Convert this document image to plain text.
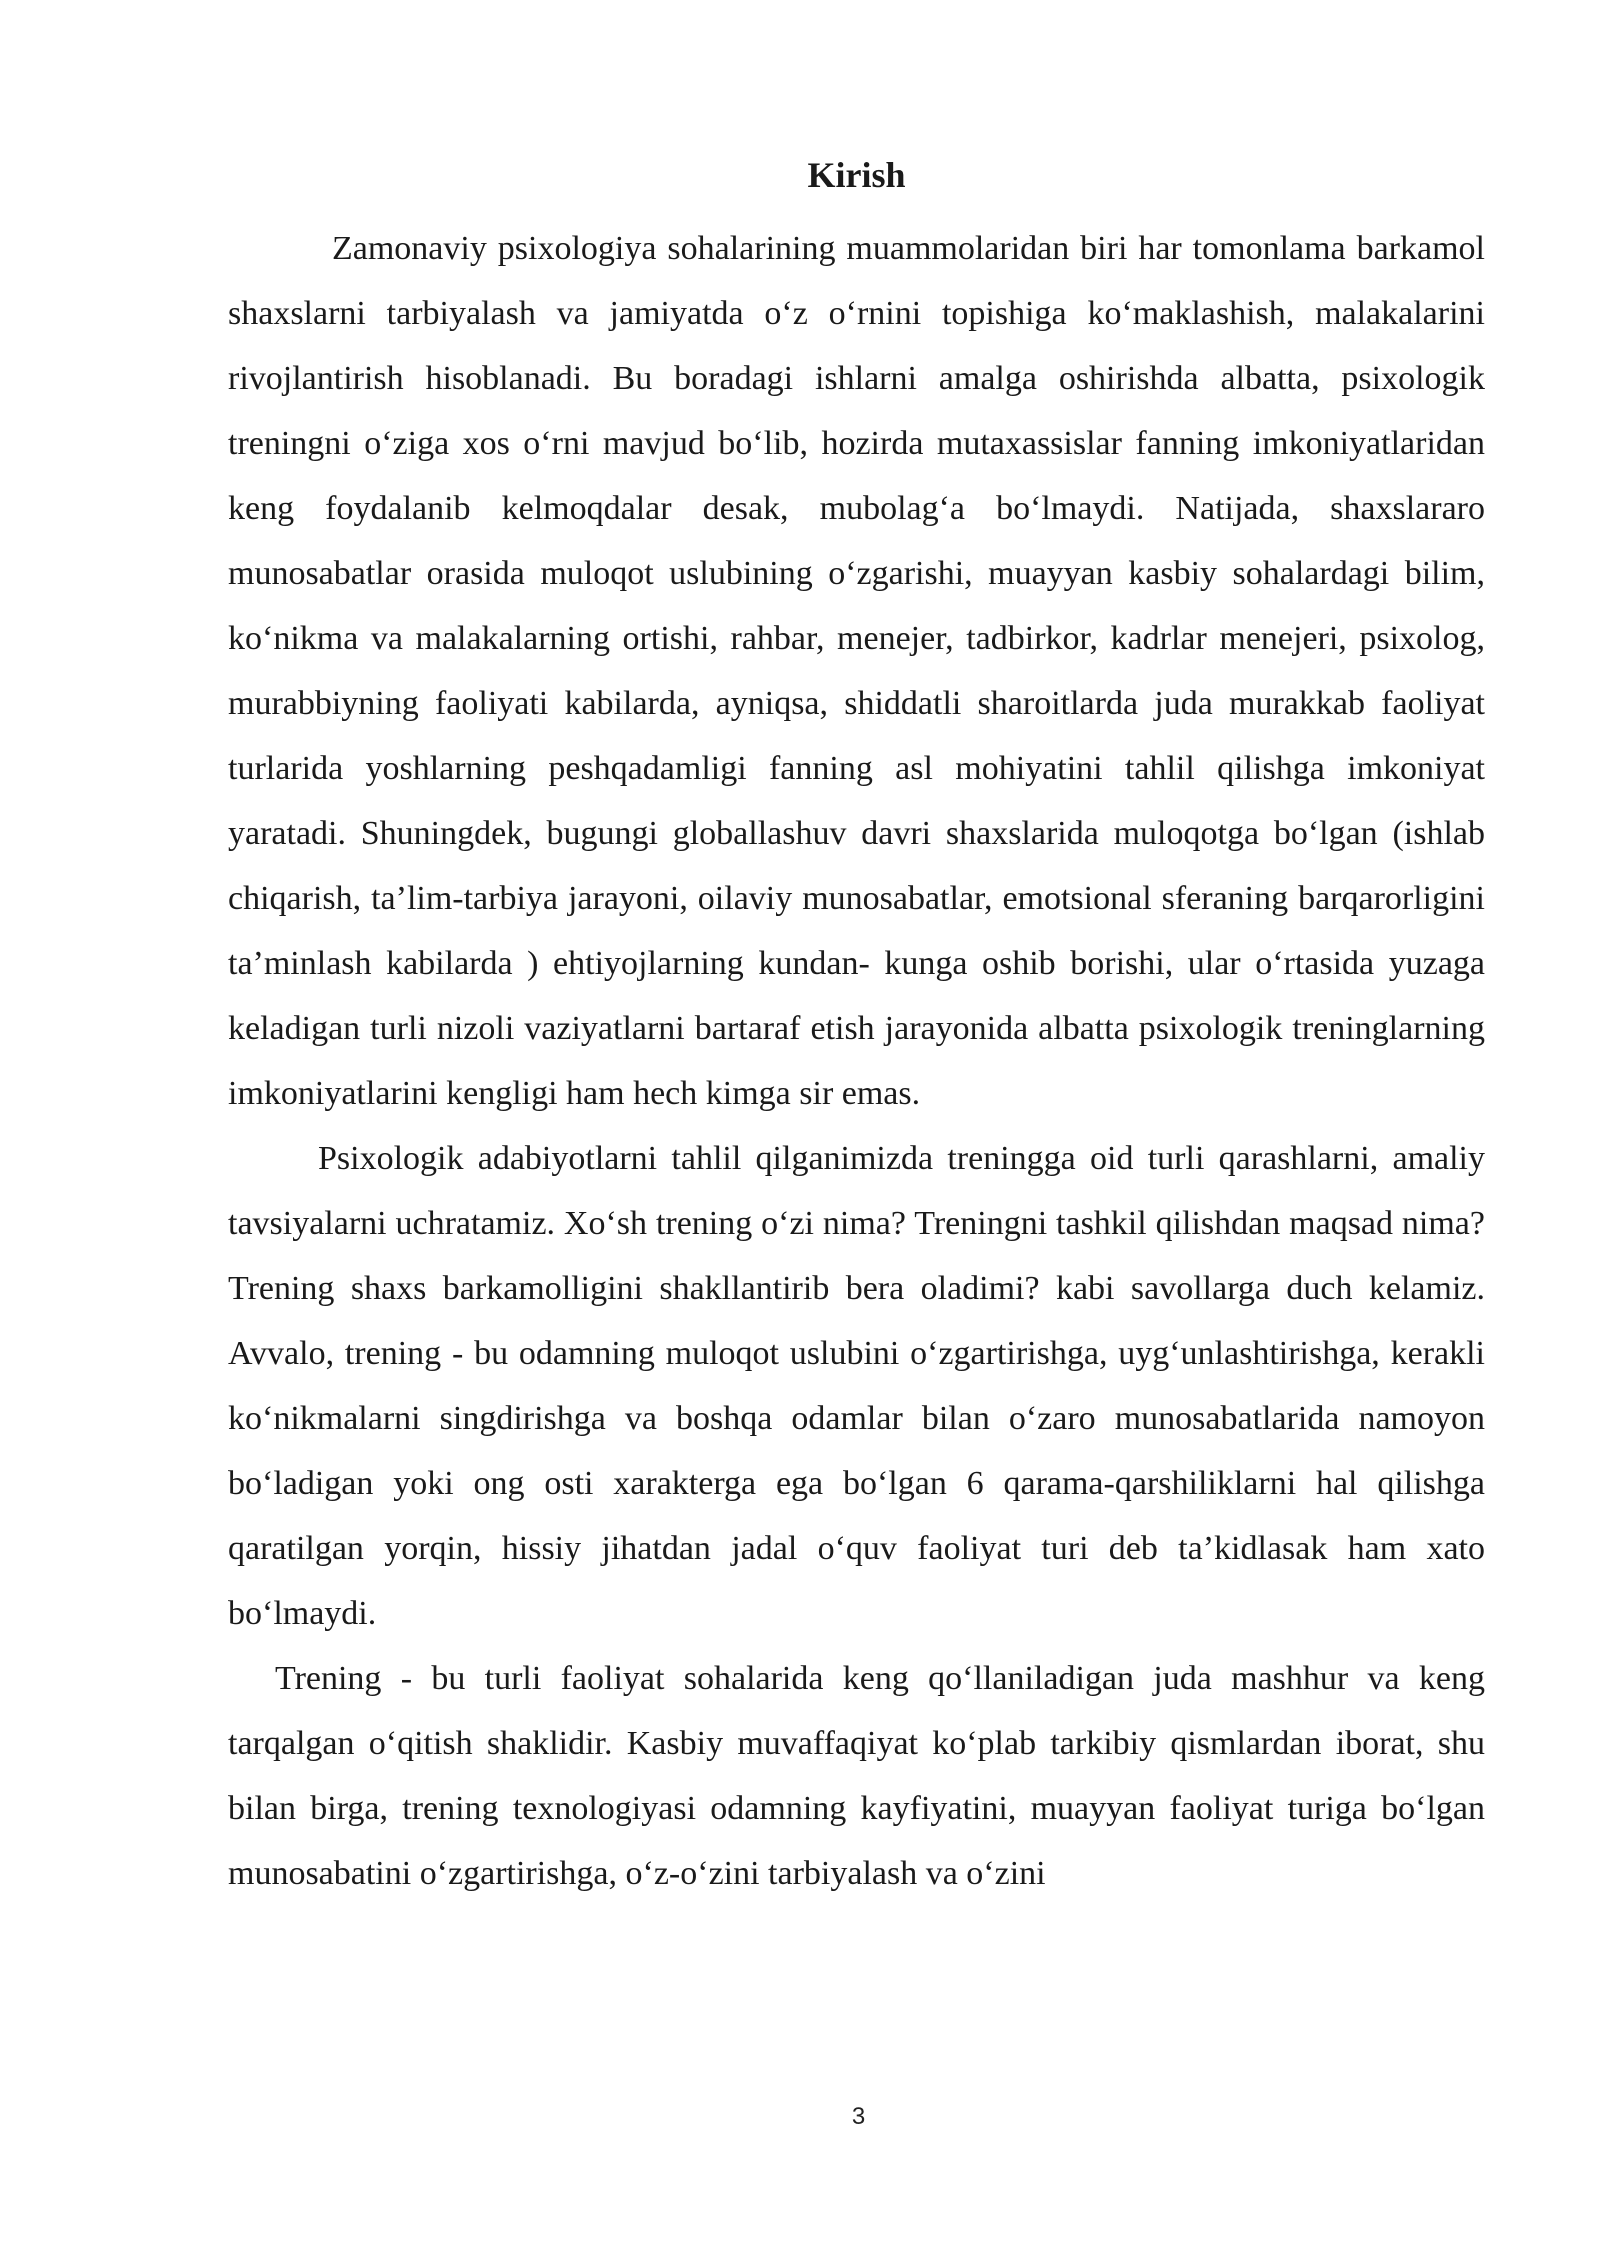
Kirish

Zamonaviy psixologiya sohalarining muammolaridan biri har tomonlama barkamol shaxslarni tarbiyalash va jamiyatda o‘z o‘rnini topishiga ko‘maklashish, malakalarini rivojlantirish hisoblanadi. Bu boradagi ishlarni amalga oshirishda albatta, psixologik treningni o‘ziga xos o‘rni mavjud bo‘lib, hozirda mutaxassislar fanning imkoniyatlaridan keng foydalanib kelmoqdalar desak, mubolag‘a bo‘lmaydi. Natijada, shaxslararo munosabatlar orasida muloqot uslubining o‘zgarishi, muayyan kasbiy sohalardagi bilim, ko‘nikma va malakalarning ortishi, rahbar, menejer, tadbirkor, kadrlar menejeri, psixolog, murabbiyning faoliyati kabilarda, ayniqsa, shiddatli sharoitlarda juda murakkab faoliyat turlarida yoshlarning peshqadamligi fanning asl mohiyatini tahlil qilishga imkoniyat yaratadi. Shuningdek, bugungi globallashuv davri shaxslarida muloqotga bo‘lgan (ishlab chiqarish, ta’lim-tarbiya jarayoni, oilaviy munosabatlar, emotsional sferaning barqarorligini ta’minlash kabilarda ) ehtiyojlarning kundan- kunga oshib borishi, ular o‘rtasida yuzaga keladigan turli nizoli vaziyatlarni bartaraf etish jarayonida albatta psixologik treninglarning imkoniyatlarini kengligi ham hech kimga sir emas.

Psixologik adabiyotlarni tahlil qilganimizda treningga oid turli qarashlarni, amaliy tavsiyalarni uchratamiz. Xo‘sh trening o‘zi nima? Treningni tashkil qilishdan maqsad nima? Trening shaxs barkamolligini shakllantirib bera oladimi? kabi savollarga duch kelamiz. Avvalo, trening - bu odamning muloqot uslubini o‘zgartirishga, uyg‘unlashtirishga, kerakli ko‘nikmalarni singdirishga va boshqa odamlar bilan o‘zaro munosabatlarida namoyon bo‘ladigan yoki ong osti xarakterga ega bo‘lgan 6 qarama-qarshiliklarni hal qilishga qaratilgan yorqin, hissiy jihatdan jadal o‘quv faoliyat turi deb ta’kidlasak ham xato bo‘lmaydi.

Trening - bu turli faoliyat sohalarida keng qo‘llaniladigan juda mashhur va keng tarqalgan o‘qitish shaklidir. Kasbiy muvaffaqiyat ko‘plab tarkibiy qismlardan iborat, shu bilan birga, trening texnologiyasi odamning kayfiyatini, muayyan faoliyat turiga bo‘lgan munosabatini o‘zgartirishga, o‘z-o‘zini tarbiyalash va o‘zini

3
